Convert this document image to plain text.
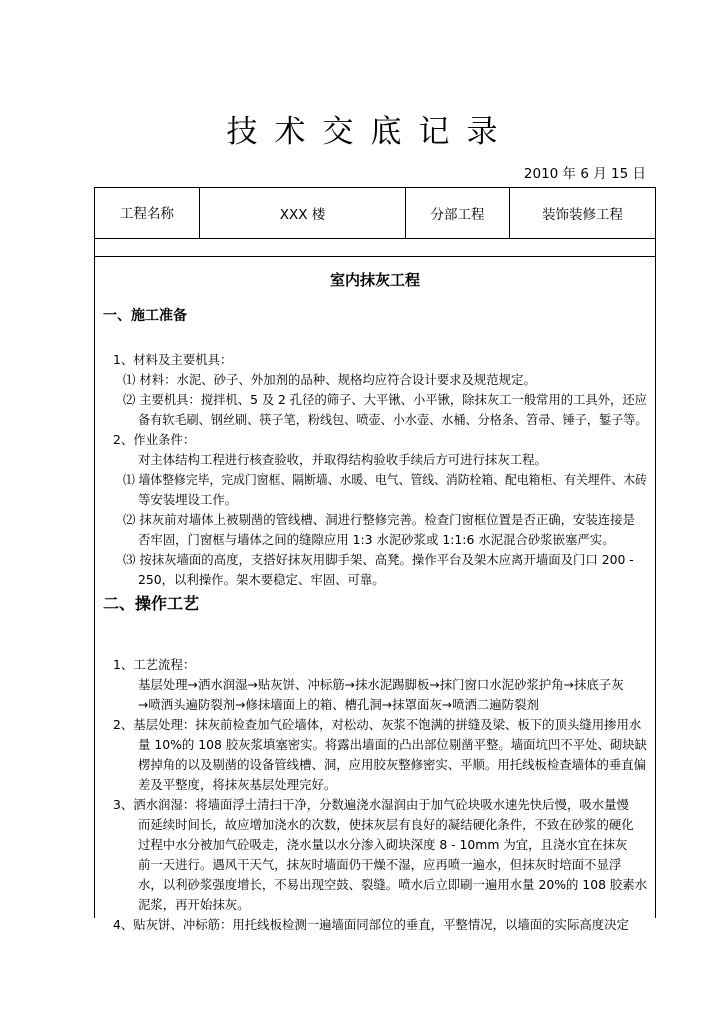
技术交底记录
2010 年 6 月 15 日
工程名称	XXX 楼	分部工程	装饰装修工程
室内抹灰工程
一、施工准备
1、材料及主要机具：
⑴ 材料：水泥、砂子、外加剂的品种、规格均应符合设计要求及规范规定。
⑵ 主要机具：搅拌机、5 及 2 孔径的筛子、大平锹、小平锹，除抹灰工一般常用的工具外，还应
备有软毛刷、钢丝刷、筷子笔，粉线包、喷壶、小水壶、水桶、分格条、笤帚、锤子，錾子等。
2、作业条件：
对主体结构工程进行核查验收，并取得结构验收手续后方可进行抹灰工程。
⑴ 墙体整修完毕，完成门窗框、隔断墙、水暖、电气、管线、消防栓箱、配电箱柜、有关埋件、木砖
等安装埋设工作。
⑵ 抹灰前对墙体上被剔凿的管线槽、洞进行整修完善。检查门窗框位置是否正确，安装连接是
否牢固，门窗框与墙体之间的缝隙应用 1:3 水泥砂浆或 1:1:6 水泥混合砂浆嵌塞严实。
⑶ 按抹灰墙面的高度，支搭好抹灰用脚手架、高凳。操作平台及架木应离开墙面及门口 200 -
250，以利操作。架木要稳定、牢固、可靠。
二、操作工艺
1、工艺流程：
基层处理→洒水润湿→贴灰饼、冲标筋→抹水泥踢脚板→抹门窗口水泥砂浆护角→抹底子灰
→喷洒头遍防裂剂→修抹墙面上的箱、槽孔洞→抹罩面灰→喷洒二遍防裂剂
2、基层处理：抹灰前检查加气砼墙体，对松动、灰浆不饱满的拼缝及梁、板下的顶头缝用掺用水
量 10%的 108 胶灰浆填塞密实。将露出墙面的凸出部位剔凿平整。墙面坑凹不平处、砌块缺
楞掉角的以及剔凿的设备管线槽、洞，应用胶灰整修密实、平顺。用托线板检查墙体的垂直偏
差及平整度，将抹灰基层处理完好。
3、洒水润湿：将墙面浮土清扫干净，分数遍浇水湿润由于加气砼块吸水速先快后慢，吸水量慢
而延续时间长，故应增加浇水的次数，使抹灰层有良好的凝结硬化条件，不致在砂浆的硬化
过程中水分被加气砼吸走，浇水量以水分渗入砌块深度 8 - 10mm 为宜，且浇水宜在抹灰
前一天进行。遇风干天气，抹灰时墙面仍干燥不湿，应再喷一遍水，但抹灰时培面不显浮
水，以利砂浆强度增长，不易出现空鼓、裂缝。喷水后立即刷一遍用水量 20%的 108 胶素水
泥浆，再开始抹灰。
4、贴灰饼、冲标筋：用托线板检测一遍墙面同部位的垂直，平整情况，以墙面的实际高度决定
